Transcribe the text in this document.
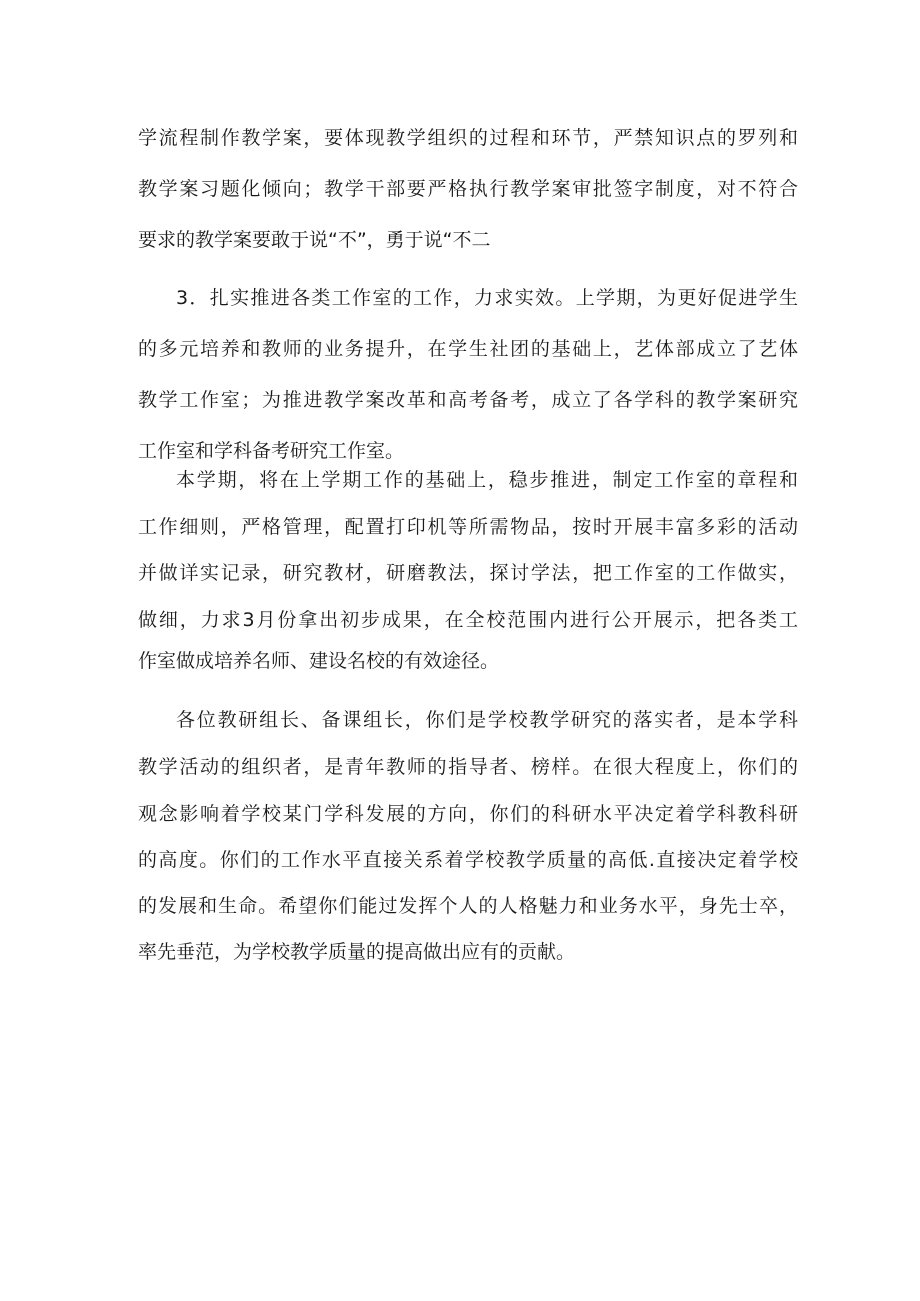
学流程制作教学案，要体现教学组织的过程和环节，严禁知识点的罗列和
教学案习题化倾向；教学干部要严格执行教学案审批签字制度，对不符合
要求的教学案要敢于说“不”，勇于说“不二
3．扎实推进各类工作室的工作，力求实效。上学期，为更好促进学生
的多元培养和教师的业务提升，在学生社团的基础上，艺体部成立了艺体
教学工作室；为推进教学案改革和高考备考，成立了各学科的教学案研究
工作室和学科备考研究工作室。
本学期，将在上学期工作的基础上，稳步推进，制定工作室的章程和
工作细则，严格管理，配置打印机等所需物品，按时开展丰富多彩的活动
并做详实记录，研究教材，研磨教法，探讨学法，把工作室的工作做实，
做细，力求3月份拿出初步成果，在全校范围内进行公开展示，把各类工
作室做成培养名师、建设名校的有效途径。
各位教研组长、备课组长，你们是学校教学研究的落实者，是本学科
教学活动的组织者，是青年教师的指导者、榜样。在很大程度上，你们的
观念影响着学校某门学科发展的方向，你们的科研水平决定着学科教科研
的高度。你们的工作水平直接关系着学校教学质量的高低.直接决定着学校
的发展和生命。希望你们能过发挥个人的人格魅力和业务水平，身先士卒，
率先垂范，为学校教学质量的提高做出应有的贡献。
